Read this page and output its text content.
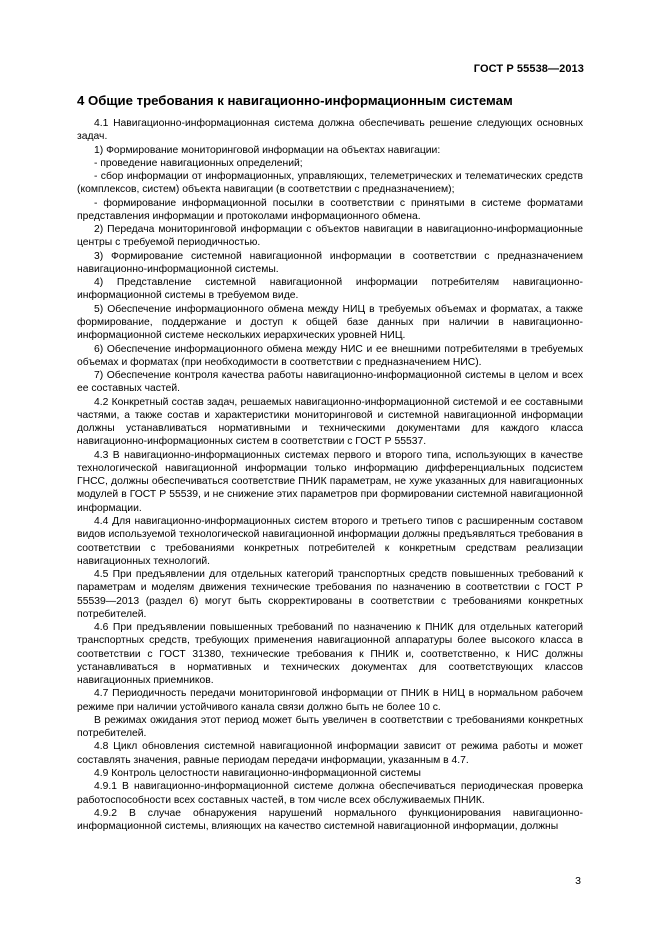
ГОСТ Р 55538—2013
4 Общие требования к навигационно-информационным системам

4.1 Навигационно-информационная система должна обеспечивать решение следующих основных задач.

1) Формирование мониторинговой информации на объектах навигации:

- проведение навигационных определений;

- сбор информации от информационных, управляющих, телеметрических и телематических средств (комплексов, систем) объекта навигации (в соответствии с предназначением);

- формирование информационной посылки в соответствии с принятыми в системе форматами представления информации и протоколами информационного обмена.

2) Передача мониторинговой информации с объектов навигации в навигационно-информационные центры с требуемой периодичностью.

3) Формирование системной навигационной информации в соответствии с предназначением навигационно-информационной системы.

4) Представление системной навигационной информации потребителям навигационно-информационной системы в требуемом виде.

5) Обеспечение информационного обмена между НИЦ в требуемых объемах и форматах, а также формирование, поддержание и доступ к общей базе данных при наличии в навигационно-информационной системе нескольких иерархических уровней НИЦ.

6) Обеспечение информационного обмена между НИС и ее внешними потребителями в требуемых объемах и форматах (при необходимости в соответствии с предназначением НИС).

7) Обеспечение контроля качества работы навигационно-информационной системы в целом и всех ее составных частей.

4.2 Конкретный состав задач, решаемых навигационно-информационной системой и ее составными частями, а также состав и характеристики мониторинговой и системной навигационной информации должны устанавливаться нормативными и техническими документами для каждого класса навигационно-информационных систем в соответствии с ГОСТ Р 55537.

4.3 В навигационно-информационных системах первого и второго типа, использующих в качестве технологической навигационной информации только информацию дифференциальных подсистем ГНСС, должны обеспечиваться соответствие ПНИК параметрам, не хуже указанных для навигационных модулей в ГОСТ Р 55539, и не снижение этих параметров при формировании системной навигационной информации.

4.4 Для навигационно-информационных систем второго и третьего типов с расширенным составом видов используемой технологической навигационной информации должны предъявляться требования в соответствии с требованиями конкретных потребителей к конкретным средствам реализации навигационных технологий.

4.5 При предъявлении для отдельных категорий транспортных средств повышенных требований к параметрам и моделям движения технические требования по назначению в соответствии с ГОСТ Р 55539—2013 (раздел 6) могут быть скорректированы в соответствии с требованиями конкретных потребителей.

4.6 При предъявлении повышенных требований по назначению к ПНИК для отдельных категорий транспортных средств, требующих применения навигационной аппаратуры более высокого класса в соответствии с ГОСТ 31380, технические требования к ПНИК и, соответственно, к НИС должны устанавливаться в нормативных и технических документах для соответствующих классов навигационных приемников.

4.7 Периодичность передачи мониторинговой информации от ПНИК в НИЦ в нормальном рабочем режиме при наличии устойчивого канала связи должно быть не более 10 с.

В режимах ожидания этот период может быть увеличен в соответствии с требованиями конкретных потребителей.

4.8 Цикл обновления системной навигационной информации зависит от режима работы и может составлять значения, равные периодам передачи информации, указанным в 4.7.

4.9 Контроль целостности навигационно-информационной системы

4.9.1 В навигационно-информационной системе должна обеспечиваться периодическая проверка работоспособности всех составных частей, в том числе всех обслуживаемых ПНИК.

4.9.2 В случае обнаружения нарушений нормального функционирования навигационно-информационной системы, влияющих на качество системной навигационной информации, должны

3
